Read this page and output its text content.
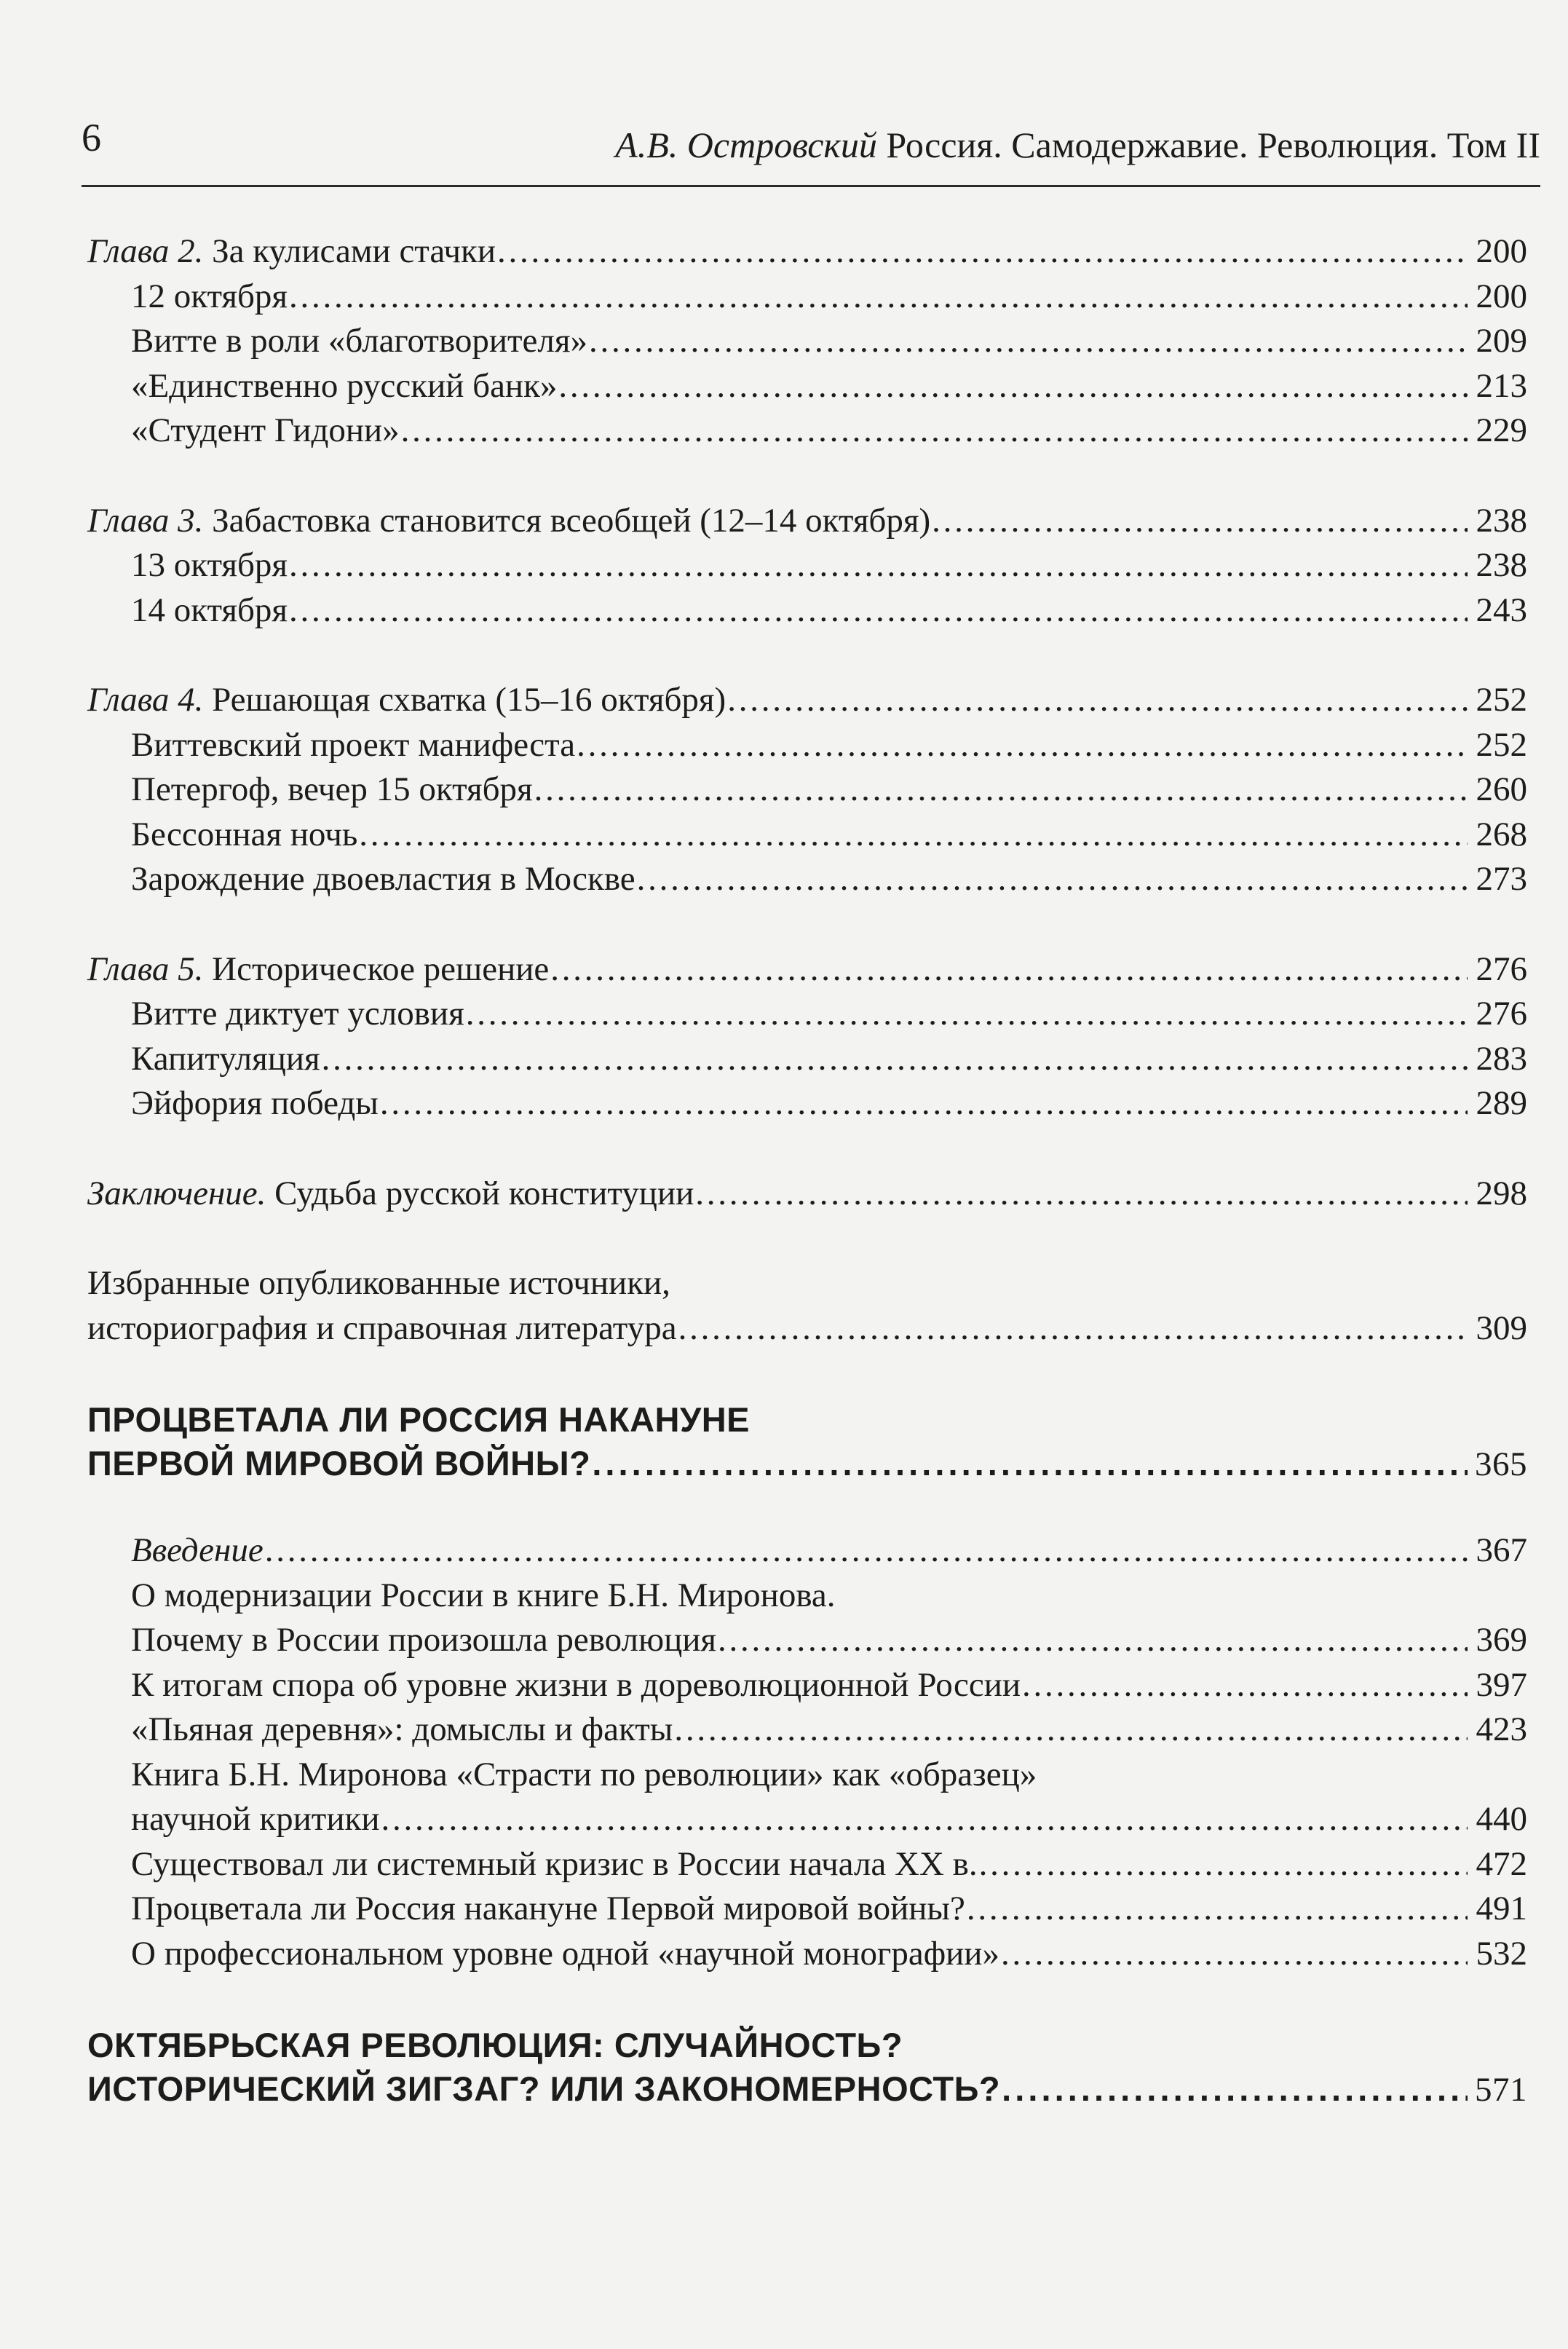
6	А.В. Островский Россия. Самодержавие. Революция. Том II
Глава 2. За кулисами стачки . . .	200
12 октября . . .	200
Витте в роли «благотворителя» . . .	209
«Единственно русский банк» . . .	213
«Студент Гидони» . . .	229
Глава 3. Забастовка становится всеобщей (12–14 октября) . . .	238
13 октября . . .	238
14 октября . . .	243
Глава 4. Решающая схватка (15–16 октября) . . .	252
Виттевский проект манифеста . . .	252
Петергоф, вечер 15 октября . . .	260
Бессонная ночь . . .	268
Зарождение двоевластия в Москве . . .	273
Глава 5. Историческое решение . . .	276
Витте диктует условия . . .	276
Капитуляция . . .	283
Эйфория победы . . .	289
Заключение. Судьба русской конституции . . .	298
Избранные опубликованные источники,
историография и справочная литература . . .	309
ПРОЦВЕТАЛА ЛИ РОССИЯ НАКАНУНЕ
ПЕРВОЙ МИРОВОЙ ВОЙНЫ? . . .	365
Введение . . .	367
О модернизации России в книге Б.Н. Миронова.
Почему в России произошла революция . . .	369
К итогам спора об уровне жизни в дореволюционной России . . .	397
«Пьяная деревня»: домыслы и факты . . .	423
Книга Б.Н. Миронова «Страсти по революции» как «образец»
научной критики . . .	440
Существовал ли системный кризис в России начала XX в. . . .	472
Процветала ли Россия накануне Первой мировой войны? . . .	491
О профессиональном уровне одной «научной монографии» . . .	532
ОКТЯБРЬСКАЯ РЕВОЛЮЦИЯ: СЛУЧАЙНОСТЬ?
ИСТОРИЧЕСКИЙ ЗИГЗАГ? ИЛИ ЗАКОНОМЕРНОСТЬ? . . .	571
